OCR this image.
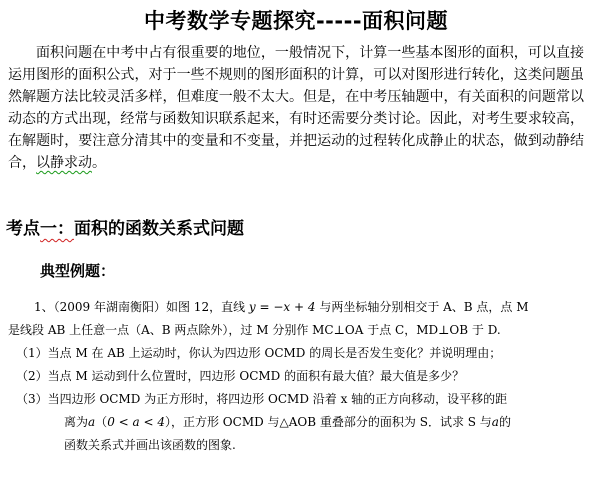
中考数学专题探究-----面积问题

面积问题在中考中占有很重要的地位，一般情况下，计算一些基本图形的面积，可以直接运用图形的面积公式，对于一些不规则的图形面积的计算，可以对图形进行转化，这类问题虽然解题方法比较灵活多样，但难度一般不太大。但是，在中考压轴题中，有关面积的问题常以动态的方式出现，经常与函数知识联系起来，有时还需要分类讨论。因此，对考生要求较高，在解题时，要注意分清其中的变量和不变量，并把运动的过程转化成静止的状态，做到动静结合，以静求动。

考点一：面积的函数关系式问题
典型例题：
1、（2009 年湖南衡阳）如图 12，直线 y = −x + 4 与两坐标轴分别相交于 A、B 点，点 M
是线段 AB 上任意一点（A、B 两点除外），过 M 分别作 MC⊥OA 于点 C，MD⊥OB 于 D.
（1）当点 M 在 AB 上运动时，你认为四边形 OCMD 的周长是否发生变化？并说明理由；
（2）当点 M 运动到什么位置时，四边形 OCMD 的面积有最大值？最大值是多少？
（3）当四边形 OCMD 为正方形时，将四边形 OCMD 沿着 x 轴的正方向移动，设平移的距
离为a（0 < a < 4），正方形 OCMD 与△AOB 重叠部分的面积为 S．试求 S 与a的
函数关系式并画出该函数的图象.
